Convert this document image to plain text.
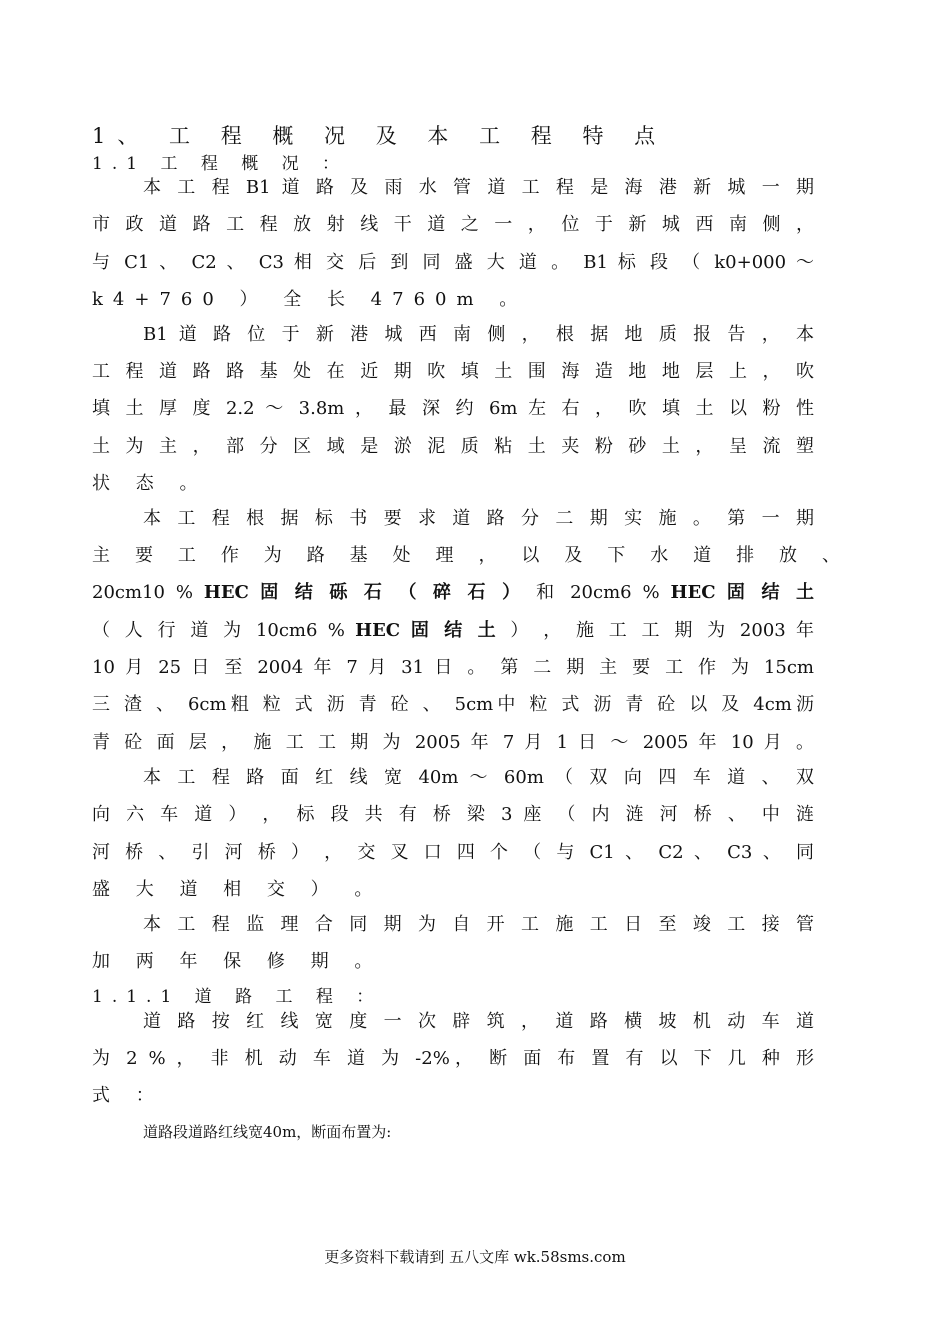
1、 工 程 概 况 及 本 工 程 特 点
1.1 工 程 概 况 ：
本 工 程 B1 道 路 及 雨 水 管 道 工 程 是 海 港 新 城 一 期
市 政 道 路 工 程 放 射 线 干 道 之 一 ， 位 于 新 城 西 南 侧 ，
与 C1 、 C2 、 C3 相 交 后 到 同 盛 大 道 。 B1 标 段 （ k0+000 ～
k4+760 ） 全 长 4760m 。
B1 道 路 位 于 新 港 城 西 南 侧 ， 根 据 地 质 报 告 ， 本
工 程 道 路 路 基 处 在 近 期 吹 填 土 围 海 造 地 地 层 上 ， 吹
填 土 厚 度 2.2 ～ 3.8m ， 最 深 约 6m 左 右 ， 吹 填 土 以 粉 性
土 为 主 ， 部 分 区 域 是 淤 泥 质 粘 土 夹 粉 砂 土 ， 呈 流 塑
状 态 。
本 工 程 根 据 标 书 要 求 道 路 分 二 期 实 施 。 第 一 期
主 要 工 作 为 路 基 处 理 ， 以 及 下 水 道 排 放 、
20cm10 % HEC 固 结 砾 石 （ 碎 石 ） 和 20cm6 % HEC 固 结 土
（ 人 行 道 为 10cm6 % HEC 固 结 土 ） ， 施 工 工 期 为 2003 年
10 月 25 日 至 2004 年 7 月 31 日 。 第 二 期 主 要 工 作 为 15cm
三 渣 、 6cm粗 粒 式 沥 青 砼 、 5cm中 粒 式 沥 青 砼 以 及 4cm沥
青 砼 面 层 ， 施 工 工 期 为 2005 年 7 月 1 日 ～ 2005 年 10 月 。
本 工 程 路 面 红 线 宽 40m ～ 60m （ 双 向 四 车 道 、 双
向 六 车 道 ） ， 标 段 共 有 桥 梁 3 座 （ 内 涟 河 桥 、 中 涟
河 桥 、 引 河 桥 ） ， 交 叉 口 四 个 （ 与 C1 、 C2 、 C3 、 同
盛 大 道 相 交 ） 。
本 工 程 监 理 合 同 期 为 自 开 工 施 工 日 至 竣 工 接 管
加 两 年 保 修 期 。
1.1.1 道 路 工 程 ：
道 路 按 红 线 宽 度 一 次 辟 筑 ， 道 路 横 坡 机 动 车 道
为 2 % ， 非 机 动 车 道 为 -2%， 断 面 布 置 有 以 下 几 种 形
式 ：
道路段道路红线宽40m，断面布置为:
更多资料下载请到 五八文库 wk.58sms.com
